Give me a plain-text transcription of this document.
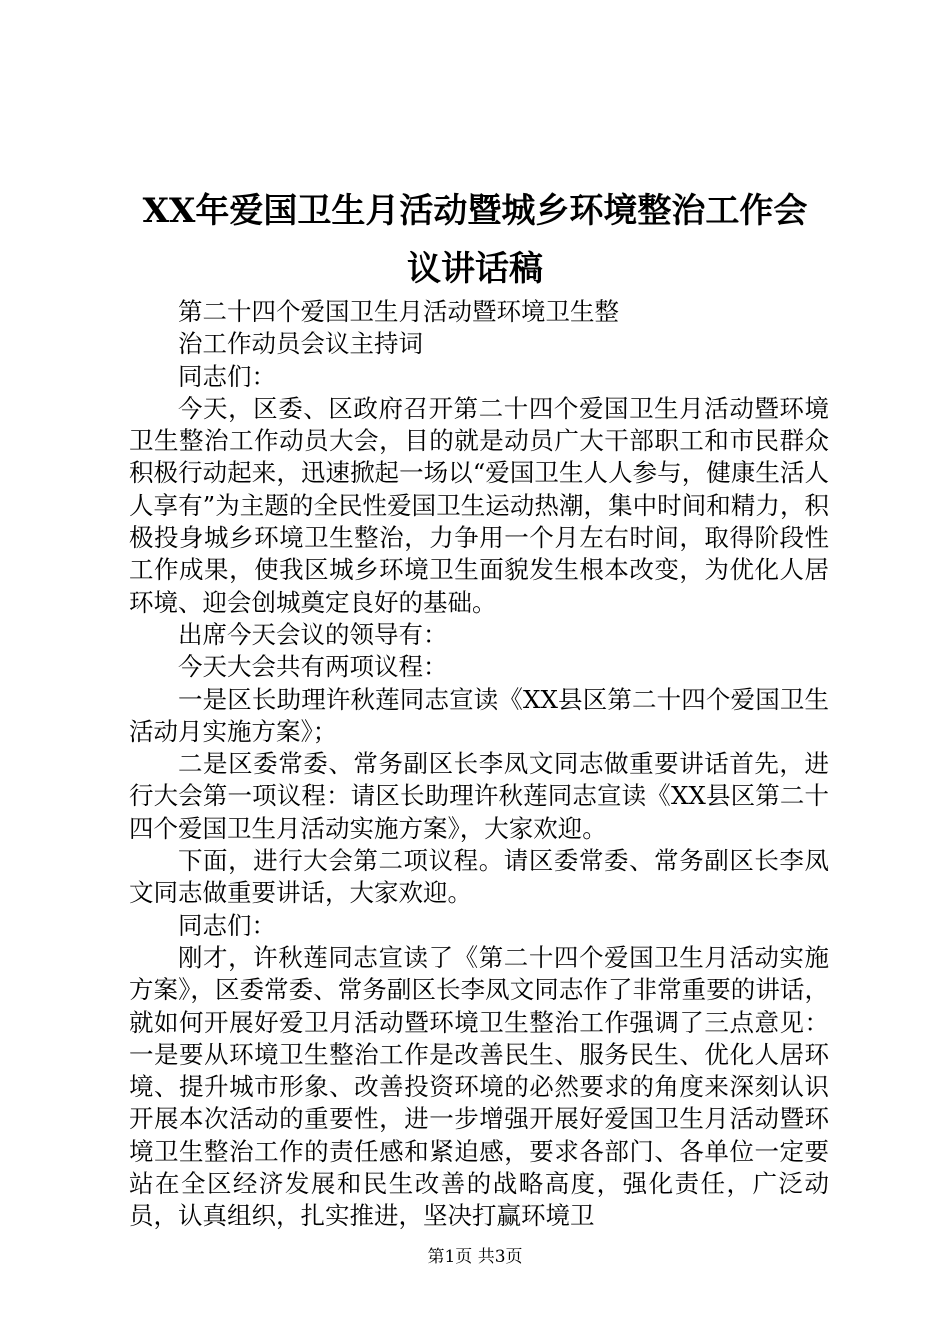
XX年爱国卫生月活动暨城乡环境整治工作会
议讲话稿

第二十四个爱国卫生月活动暨环境卫生整

治工作动员会议主持词

同志们：

今天，区委、区政府召开第二十四个爱国卫生月活动暨环境卫生整治工作动员大会，目的就是动员广大干部职工和市民群众积极行动起来，迅速掀起一场以“爱国卫生人人参与，健康生活人人享有”为主题的全民性爱国卫生运动热潮，集中时间和精力，积极投身城乡环境卫生整治，力争用一个月左右时间，取得阶段性工作成果，使我区城乡环境卫生面貌发生根本改变，为优化人居环境、迎会创城奠定良好的基础。

出席今天会议的领导有：

今天大会共有两项议程：

一是区长助理许秋莲同志宣读《XX县区第二十四个爱国卫生活动月实施方案》；

二是区委常委、常务副区长李凤文同志做重要讲话首先，进行大会第一项议程：请区长助理许秋莲同志宣读《XX县区第二十四个爱国卫生月活动实施方案》，大家欢迎。

下面，进行大会第二项议程。请区委常委、常务副区长李凤文同志做重要讲话，大家欢迎。

同志们：

刚才，许秋莲同志宣读了《第二十四个爱国卫生月活动实施方案》，区委常委、常务副区长李凤文同志作了非常重要的讲话，就如何开展好爱卫月活动暨环境卫生整治工作强调了三点意见：一是要从环境卫生整治工作是改善民生、服务民生、优化人居环境、提升城市形象、改善投资环境的必然要求的角度来深刻认识开展本次活动的重要性，进一步增强开展好爱国卫生月活动暨环境卫生整治工作的责任感和紧迫感，要求各部门、各单位一定要站在全区经济发展和民生改善的战略高度，强化责任，广泛动员，认真组织，扎实推进，坚决打赢环境卫

第1页 共3页
